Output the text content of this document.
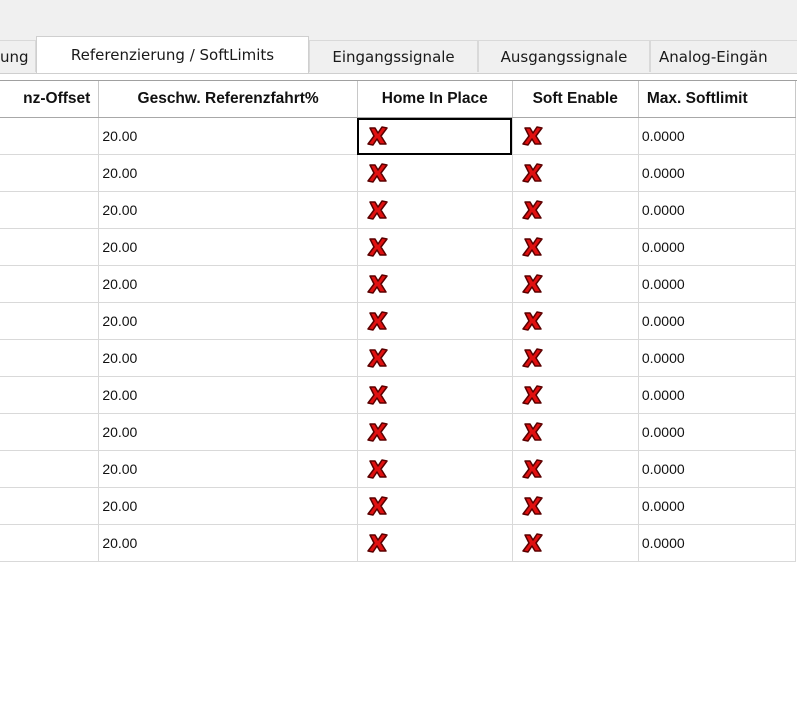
ung	Referenzierung / SoftLimits	Eingangssignale	Ausgangssignale Analog-Eingän
nz-Offset	Geschw. Referenzfahrt%	Home In Place	Soft Enable	Max. Softlimit
	20.00			0.0000
	20.00			0.0000
	20.00			0.0000
	20.00			0.0000
	20.00			0.0000
	20.00			0.0000
	20.00			0.0000
	20.00			0.0000
	20.00			0.0000
	20.00			0.0000
	20.00			0.0000
	20.00			0.0000
